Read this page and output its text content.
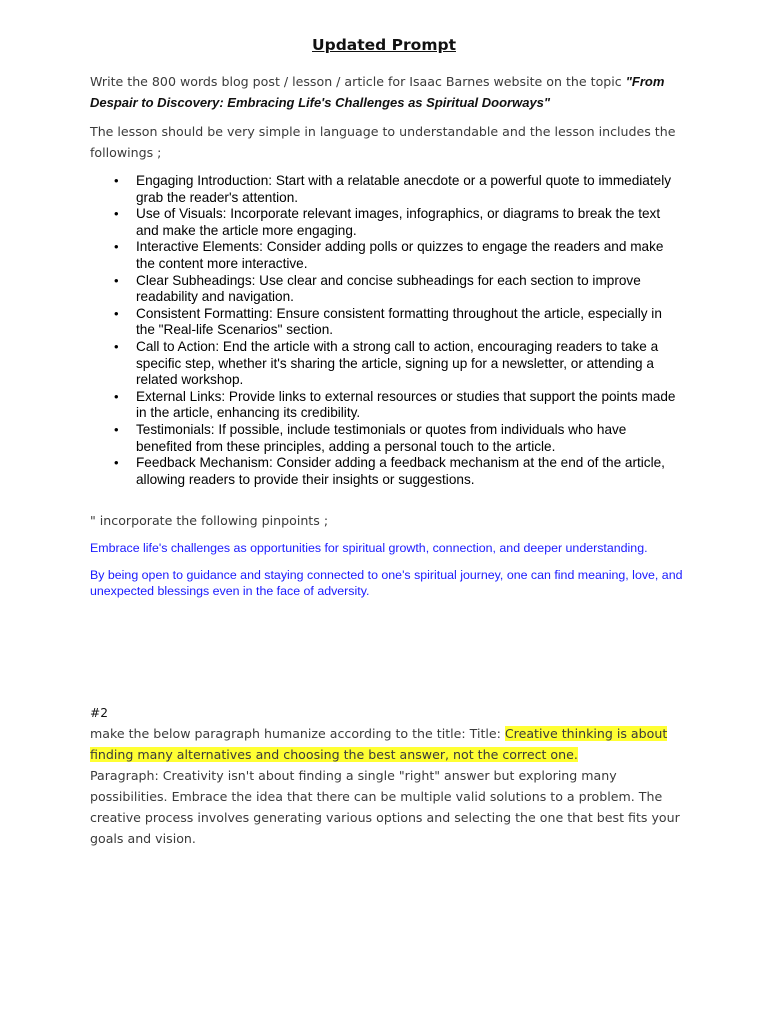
Updated Prompt
Write the 800 words blog post / lesson / article for Isaac Barnes website on the topic "From Despair to Discovery: Embracing Life's Challenges as Spiritual Doorways"
The lesson should be very simple in language to understandable and the lesson includes the followings ;
• Engaging Introduction: Start with a relatable anecdote or a powerful quote to immediately grab the reader's attention.
• Use of Visuals: Incorporate relevant images, infographics, or diagrams to break the text and make the article more engaging.
• Interactive Elements: Consider adding polls or quizzes to engage the readers and make the content more interactive.
• Clear Subheadings: Use clear and concise subheadings for each section to improve readability and navigation.
• Consistent Formatting: Ensure consistent formatting throughout the article, especially in the "Real-life Scenarios" section.
• Call to Action: End the article with a strong call to action, encouraging readers to take a specific step, whether it's sharing the article, signing up for a newsletter, or attending a related workshop.
• External Links: Provide links to external resources or studies that support the points made in the article, enhancing its credibility.
• Testimonials: If possible, include testimonials or quotes from individuals who have benefited from these principles, adding a personal touch to the article.
• Feedback Mechanism: Consider adding a feedback mechanism at the end of the article, allowing readers to provide their insights or suggestions.
" incorporate the following pinpoints ;
Embrace life's challenges as opportunities for spiritual growth, connection, and deeper understanding.
By being open to guidance and staying connected to one's spiritual journey, one can find meaning, love, and unexpected blessings even in the face of adversity.
#2
make the below paragraph humanize according to the title: Title: Creative thinking is about finding many alternatives and choosing the best answer, not the correct one.
Paragraph: Creativity isn't about finding a single "right" answer but exploring many possibilities. Embrace the idea that there can be multiple valid solutions to a problem. The creative process involves generating various options and selecting the one that best fits your goals and vision.
